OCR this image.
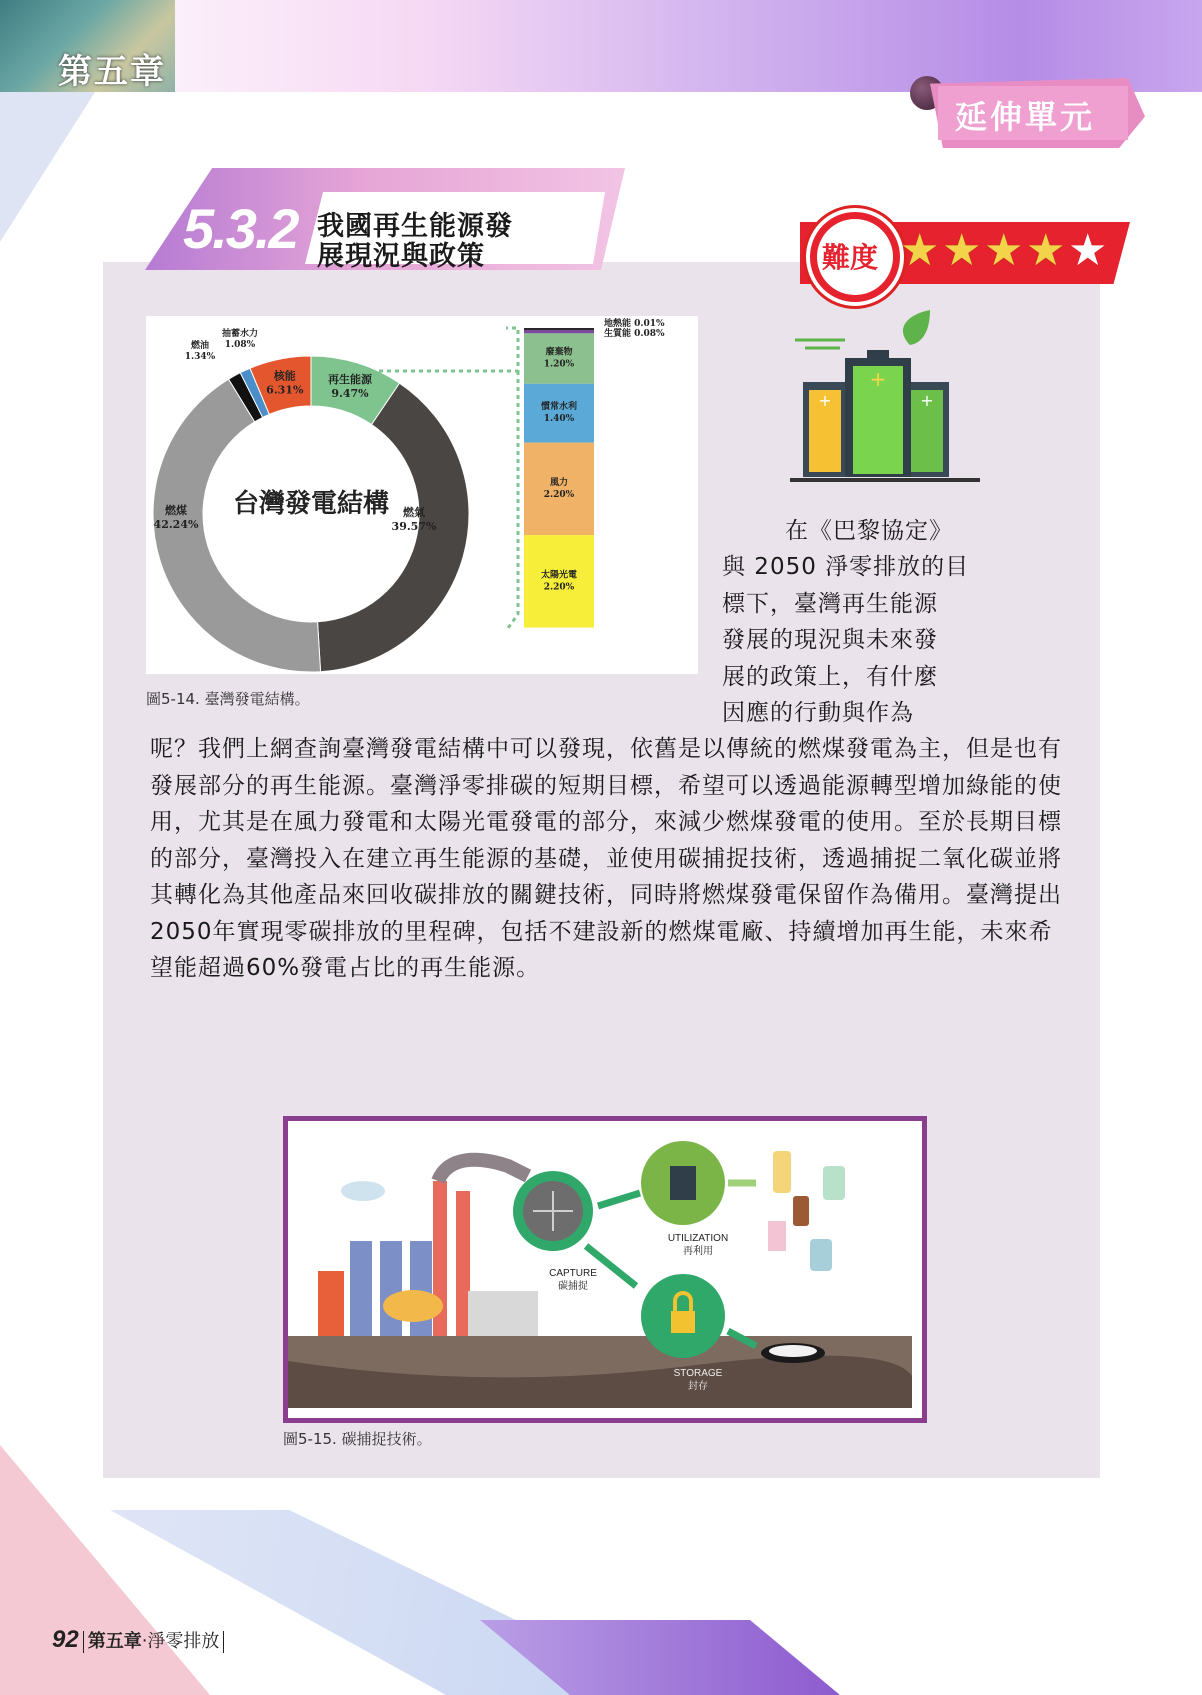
第五章
延伸單元
5.3.2 我國再生能源發
展現況與政策	難度 ★ ★ ★ ★ ★
再生能源
9.47%
核能
6.31%
燃煤
42.24%
燃氣
39.57%
燃油
1.34%
抽蓄水力
1.08%
台灣發電結構
廢棄物
1.20%
慣常水利
1.40%
風力
2.20%
太陽光電
2.20%
地熱能 0.01%
生質能 0.08%
圖5-14. 臺灣發電結構。
+
+	+
在《巴黎協定》
與 2050 淨零排放的目
標下，臺灣再生能源
發展的現況與未來發
展的政策上，有什麼
因應的行動與作為
呢？我們上網查詢臺灣發電結構中可以發現，依舊是以傳統的燃煤發電為主，但是也有發展部分的再生能源。臺灣淨零排碳的短期目標，希望可以透過能源轉型增加綠能的使用，尤其是在風力發電和太陽光電發電的部分，來減少燃煤發電的使用。至於長期目標的部分，臺灣投入在建立再生能源的基礎，並使用碳捕捉技術，透過捕捉二氧化碳並將其轉化為其他產品來回收碳排放的關鍵技術，同時將燃煤發電保留作為備用。臺灣提出2050年實現零碳排放的里程碑，包括不建設新的燃煤電廠、持續增加再生能，未來希望能超過60%發電占比的再生能源。
CAPTURE
碳捕捉
UTILIZATION
再利用
STORAGE
封存
圖5-15. 碳捕捉技術。
92 第五章‧淨零排放
